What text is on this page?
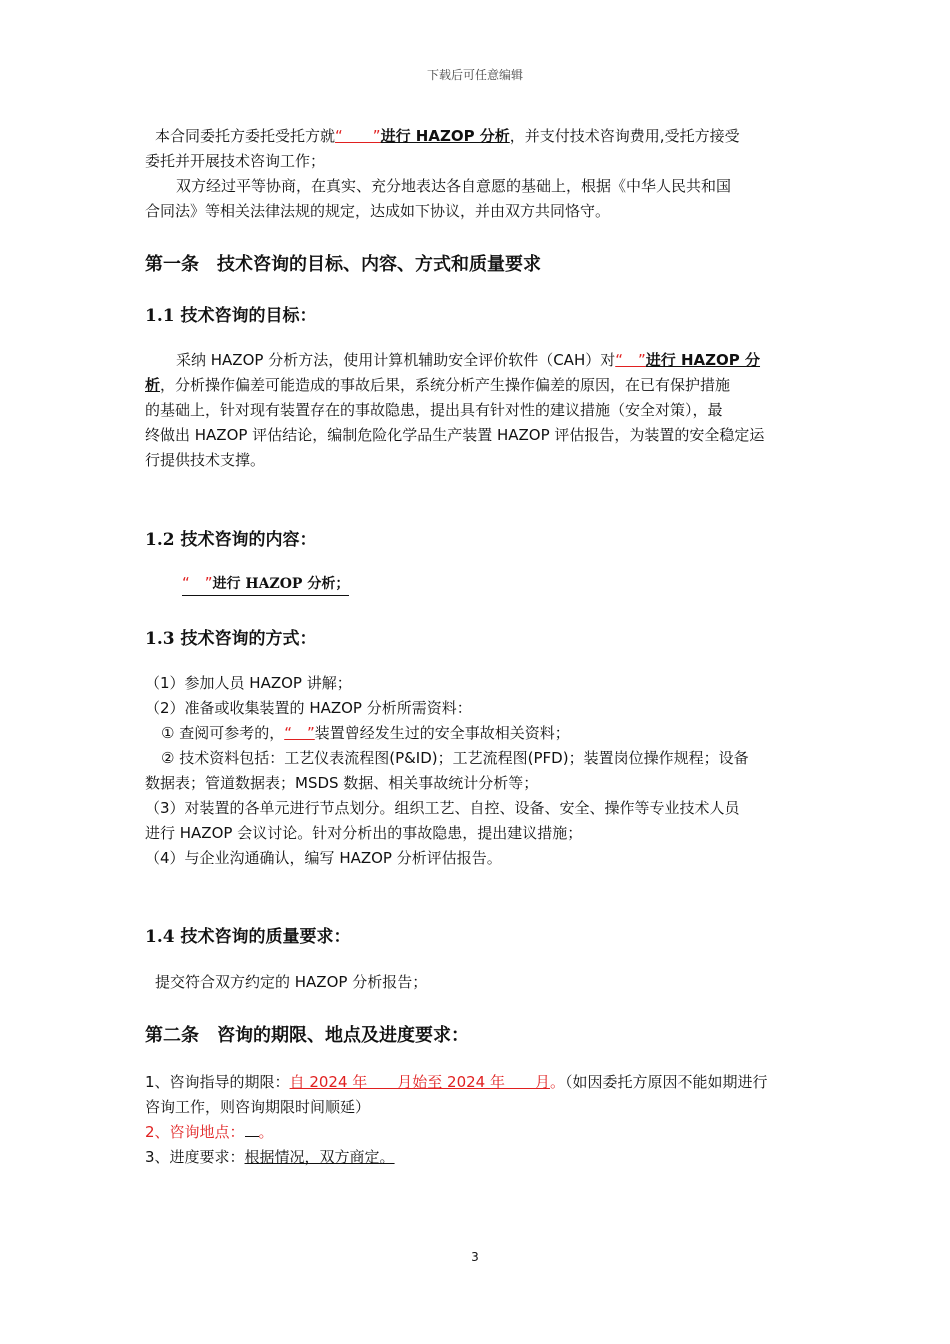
下载后可任意编辑
本合同委托方委托受托方就“　　”进行 HAZOP 分析，并支付技术咨询费用,受托方接受
委托并开展技术咨询工作；
双方经过平等协商，在真实、充分地表达各自意愿的基础上，根据《中华人民共和国
合同法》等相关法律法规的规定，达成如下协议，并由双方共同恪守。
第一条　技术咨询的目标、内容、方式和质量要求
1.1 技术咨询的目标：
采纳 HAZOP 分析方法，使用计算机辅助安全评价软件（CAH）对“　”进行 HAZOP 分
析，分析操作偏差可能造成的事故后果，系统分析产生操作偏差的原因，在已有保护措施
的基础上，针对现有装置存在的事故隐患，提出具有针对性的建议措施（安全对策），最
终做出 HAZOP 评估结论，编制危险化学品生产装置 HAZOP 评估报告，为装置的安全稳定运
行提供技术支撑。
1.2 技术咨询的内容：
“　”进行 HAZOP 分析；
1.3 技术咨询的方式：
（1）参加人员 HAZOP 讲解；
（2）准备或收集装置的 HAZOP 分析所需资料：
① 查阅可参考的，“　”装置曾经发生过的安全事故相关资料；
② 技术资料包括：工艺仪表流程图(P&ID)；工艺流程图(PFD)；装置岗位操作规程；设备
数据表；管道数据表；MSDS 数据、相关事故统计分析等；
（3）对装置的各单元进行节点划分。组织工艺、自控、设备、安全、操作等专业技术人员
进行 HAZOP 会议讨论。针对分析出的事故隐患，提出建议措施；
（4）与企业沟通确认，编写 HAZOP 分析评估报告。
1.4 技术咨询的质量要求：
提交符合双方约定的 HAZOP 分析报告；
第二条　咨询的期限、地点及进度要求：
1、咨询指导的期限：自 2024 年　　月始至 2024 年　　月。（如因委托方原因不能如期进行
咨询工作，则咨询期限时间顺延）
2、咨询地点： 。
3、进度要求：根据情况，双方商定。
3
